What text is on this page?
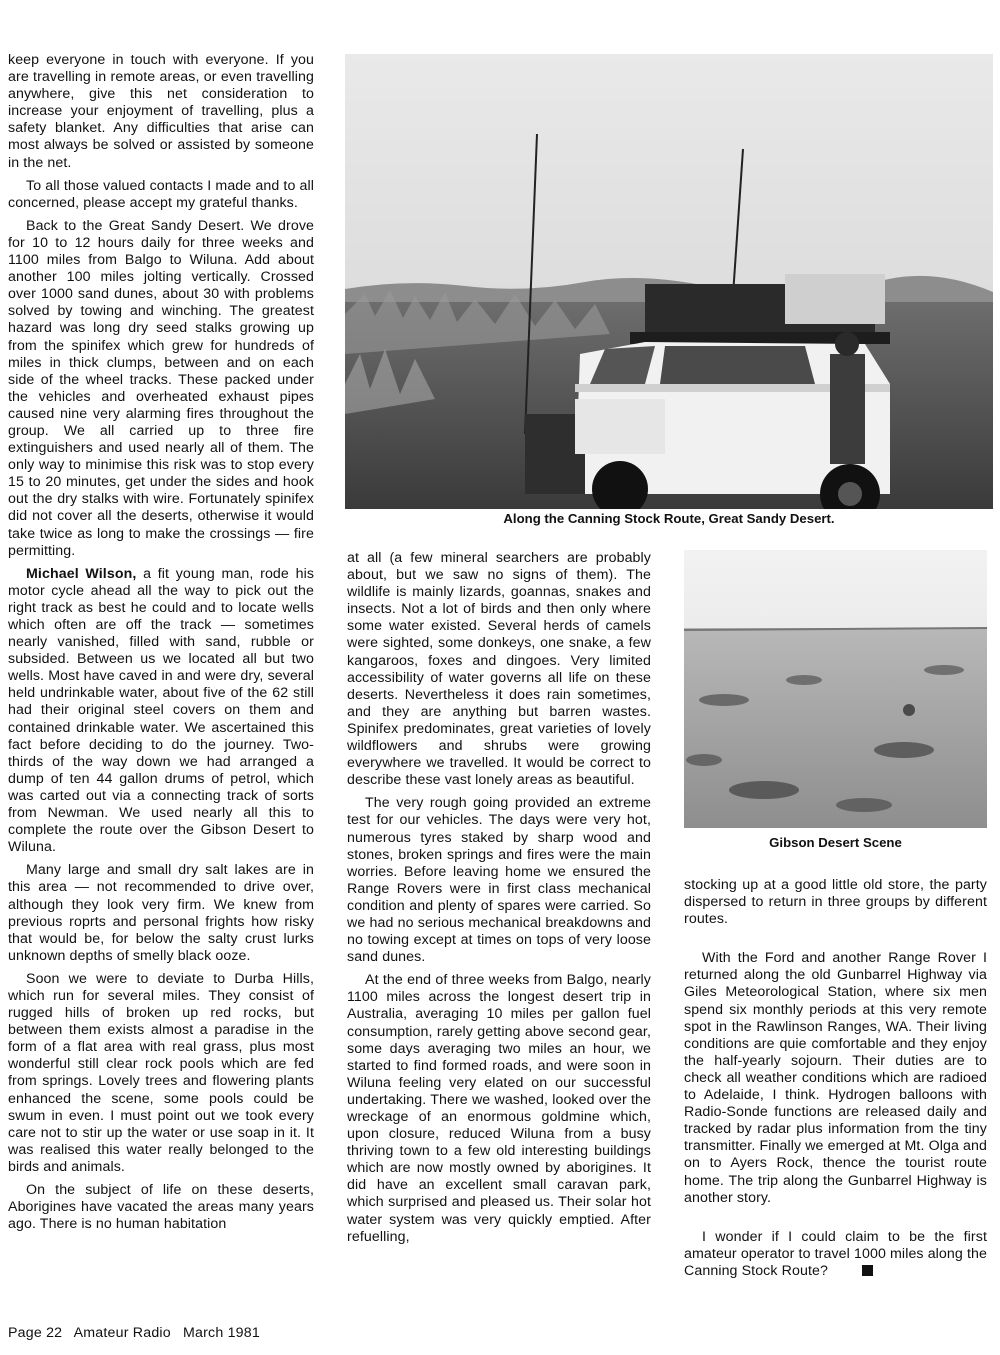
keep everyone in touch with everyone. If you are travelling in remote areas, or even travelling anywhere, give this net consideration to increase your enjoyment of travelling, plus a safety blanket. Any difficulties that arise can most always be solved or assisted by someone in the net.

To all those valued contacts I made and to all concerned, please accept my grateful thanks.

Back to the Great Sandy Desert. We drove for 10 to 12 hours daily for three weeks and 1100 miles from Balgo to Wiluna. Add about another 100 miles jolting vertically. Crossed over 1000 sand dunes, about 30 with problems solved by towing and winching. The greatest hazard was long dry seed stalks growing up from the spinifex which grew for hundreds of miles in thick clumps, between and on each side of the wheel tracks. These packed under the vehicles and overheated exhaust pipes caused nine very alarming fires throughout the group. We all carried up to three fire extinguishers and used nearly all of them. The only way to minimise this risk was to stop every 15 to 20 minutes, get under the sides and hook out the dry stalks with wire. Fortunately spinifex did not cover all the deserts, otherwise it would take twice as long to make the crossings — fire permitting.

Michael Wilson, a fit young man, rode his motor cycle ahead all the way to pick out the right track as best he could and to locate wells which often are off the track — sometimes nearly vanished, filled with sand, rubble or subsided. Between us we located all but two wells. Most have caved in and were dry, several held undrinkable water, about five of the 62 still had their original steel covers on them and contained drinkable water. We ascertained this fact before deciding to do the journey. Two-thirds of the way down we had arranged a dump of ten 44 gallon drums of petrol, which was carted out via a connecting track of sorts from Newman. We used nearly all this to complete the route over the Gibson Desert to Wiluna.

Many large and small dry salt lakes are in this area — not recommended to drive over, although they look very firm. We knew from previous roprts and personal frights how risky that would be, for below the salty crust lurks unknown depths of smelly black ooze.

Soon we were to deviate to Durba Hills, which run for several miles. They consist of rugged hills of broken up red rocks, but between them exists almost a paradise in the form of a flat area with real grass, plus most wonderful still clear rock pools which are fed from springs. Lovely trees and flowering plants enhanced the scene, some pools could be swum in even. I must point out we took every care not to stir up the water or use soap in it. It was realised this water really belonged to the birds and animals.

On the subject of life on these deserts, Aborigines have vacated the areas many years ago. There is no human habitation

Along the Canning Stock Route, Great Sandy Desert.

at all (a few mineral searchers are probably about, but we saw no signs of them). The wildlife is mainly lizards, goannas, snakes and insects. Not a lot of birds and then only where some water existed. Several herds of camels were sighted, some donkeys, one snake, a few kangaroos, foxes and dingoes. Very limited accessibility of water governs all life on these deserts. Nevertheless it does rain sometimes, and they are anything but barren wastes. Spinifex predominates, great varieties of lovely wildflowers and shrubs were growing everywhere we travelled. It would be correct to describe these vast lonely areas as beautiful.

The very rough going provided an extreme test for our vehicles. The days were very hot, numerous tyres staked by sharp wood and stones, broken springs and fires were the main worries. Before leaving home we ensured the Range Rovers were in first class mechanical condition and plenty of spares were carried. So we had no serious mechanical breakdowns and no towing except at times on tops of very loose sand dunes.

At the end of three weeks from Balgo, nearly 1100 miles across the longest desert trip in Australia, averaging 10 miles per gallon fuel consumption, rarely getting above second gear, some days averaging two miles an hour, we started to find formed roads, and were soon in Wiluna feeling very elated on our successful undertaking. There we washed, looked over the wreckage of an enormous goldmine which, upon closure, reduced Wiluna from a busy thriving town to a few old interesting buildings which are now mostly owned by aborigines. It did have an excellent small caravan park, which surprised and pleased us. Their solar hot water system was very quickly emptied. After refuelling,

Gibson Desert Scene

stocking up at a good little old store, the party dispersed to return in three groups by different routes.

With the Ford and another Range Rover I returned along the old Gunbarrel Highway via Giles Meteorological Station, where six men spend six monthly periods at this very remote spot in the Rawlinson Ranges, WA. Their living conditions are quie comfortable and they enjoy the half-yearly sojourn. Their duties are to check all weather conditions which are radioed to Adelaide, I think. Hydrogen balloons with Radio-Sonde functions are released daily and tracked by radar plus information from the tiny transmitter. Finally we emerged at Mt. Olga and on to Ayers Rock, thence the tourist route home. The trip along the Gunbarrel Highway is another story.

I wonder if I could claim to be the first amateur operator to travel 1000 miles along the Canning Stock Route?

Page 22 Amateur Radio March 1981
